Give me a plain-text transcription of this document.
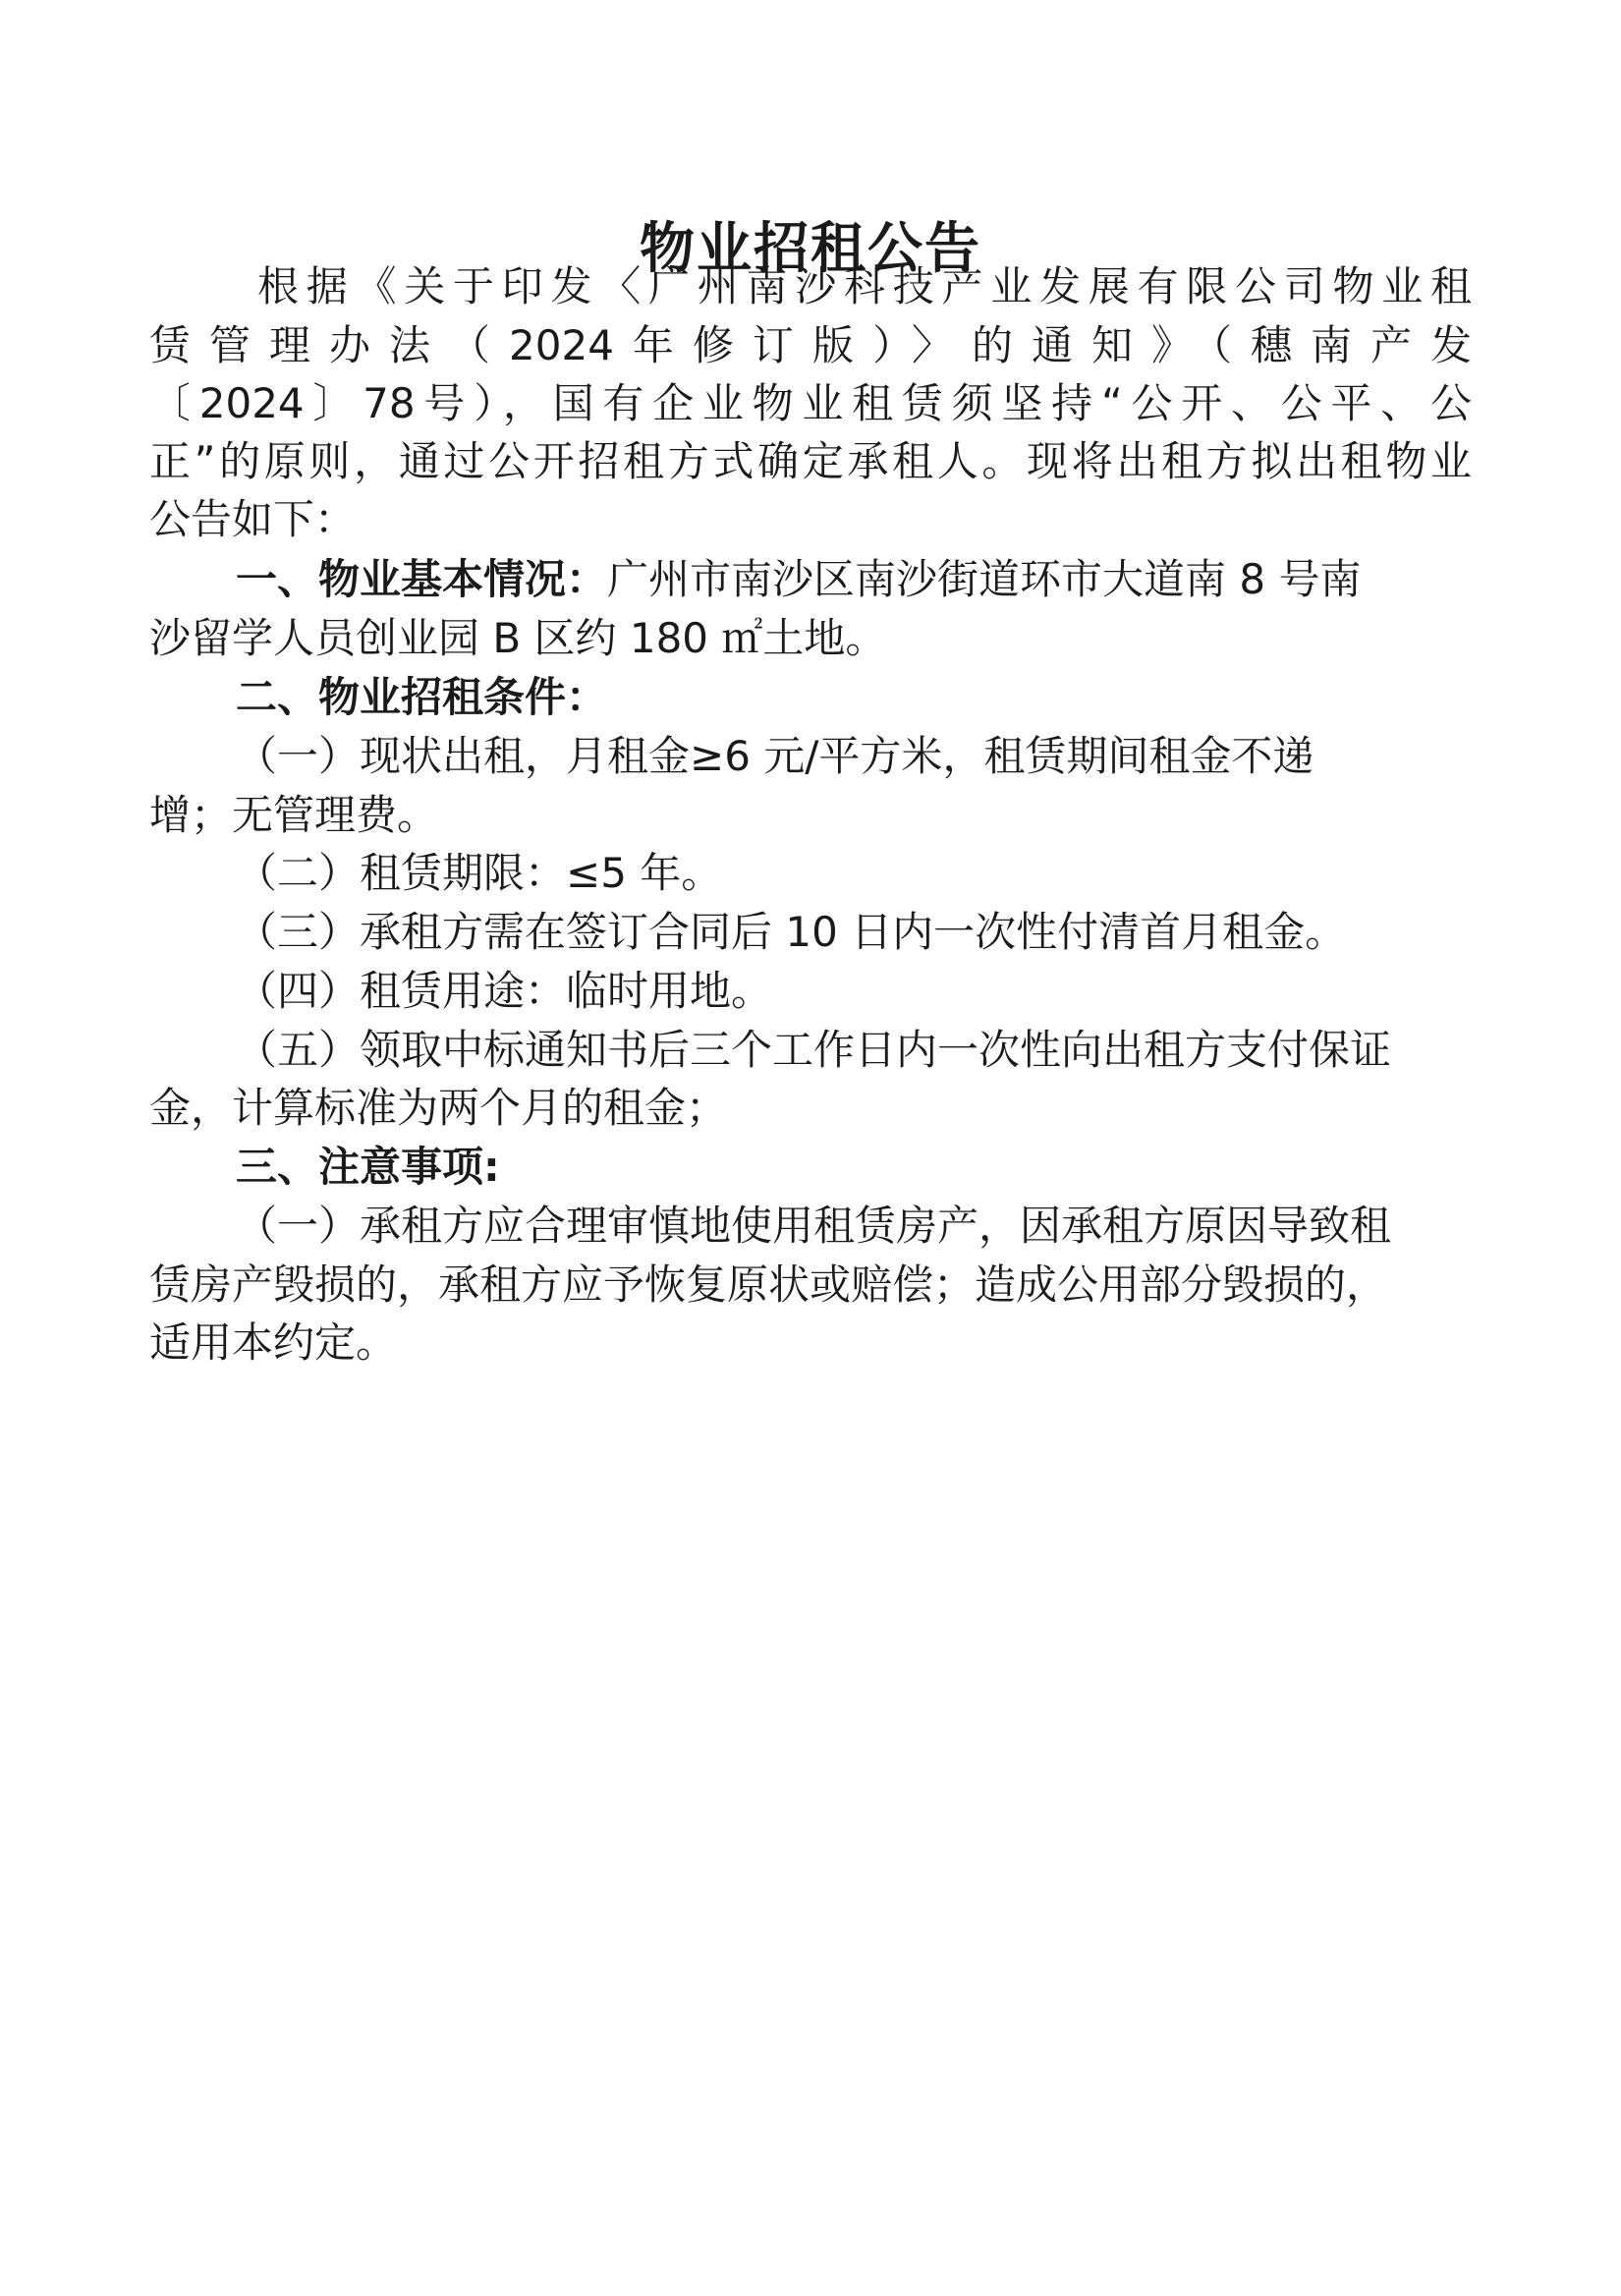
物业招租公告
根据《关于印发〈广州南沙科技产业发展有限公司物业租
赁管理办法（2024年修订版）〉的通知》（穗南产发
〔2024〕78号），国有企业物业租赁须坚持“公开、公平、公
正”的原则，通过公开招租方式确定承租人。现将出租方拟出租物业
公告如下：
一、物业基本情况：广州市南沙区南沙街道环市大道南 8 号南
沙留学人员创业园 B 区约 180 ㎡土地。
二、物业招租条件：
（一）现状出租，月租金≥6 元/平方米，租赁期间租金不递
增；无管理费。
（二）租赁期限：≤5 年。
（三）承租方需在签订合同后 10 日内一次性付清首月租金。
（四）租赁用途：临时用地。
（五）领取中标通知书后三个工作日内一次性向出租方支付保证
金，计算标准为两个月的租金；
三、注意事项:
（一）承租方应合理审慎地使用租赁房产，因承租方原因导致租
赁房产毁损的，承租方应予恢复原状或赔偿；造成公用部分毁损的，
适用本约定。
